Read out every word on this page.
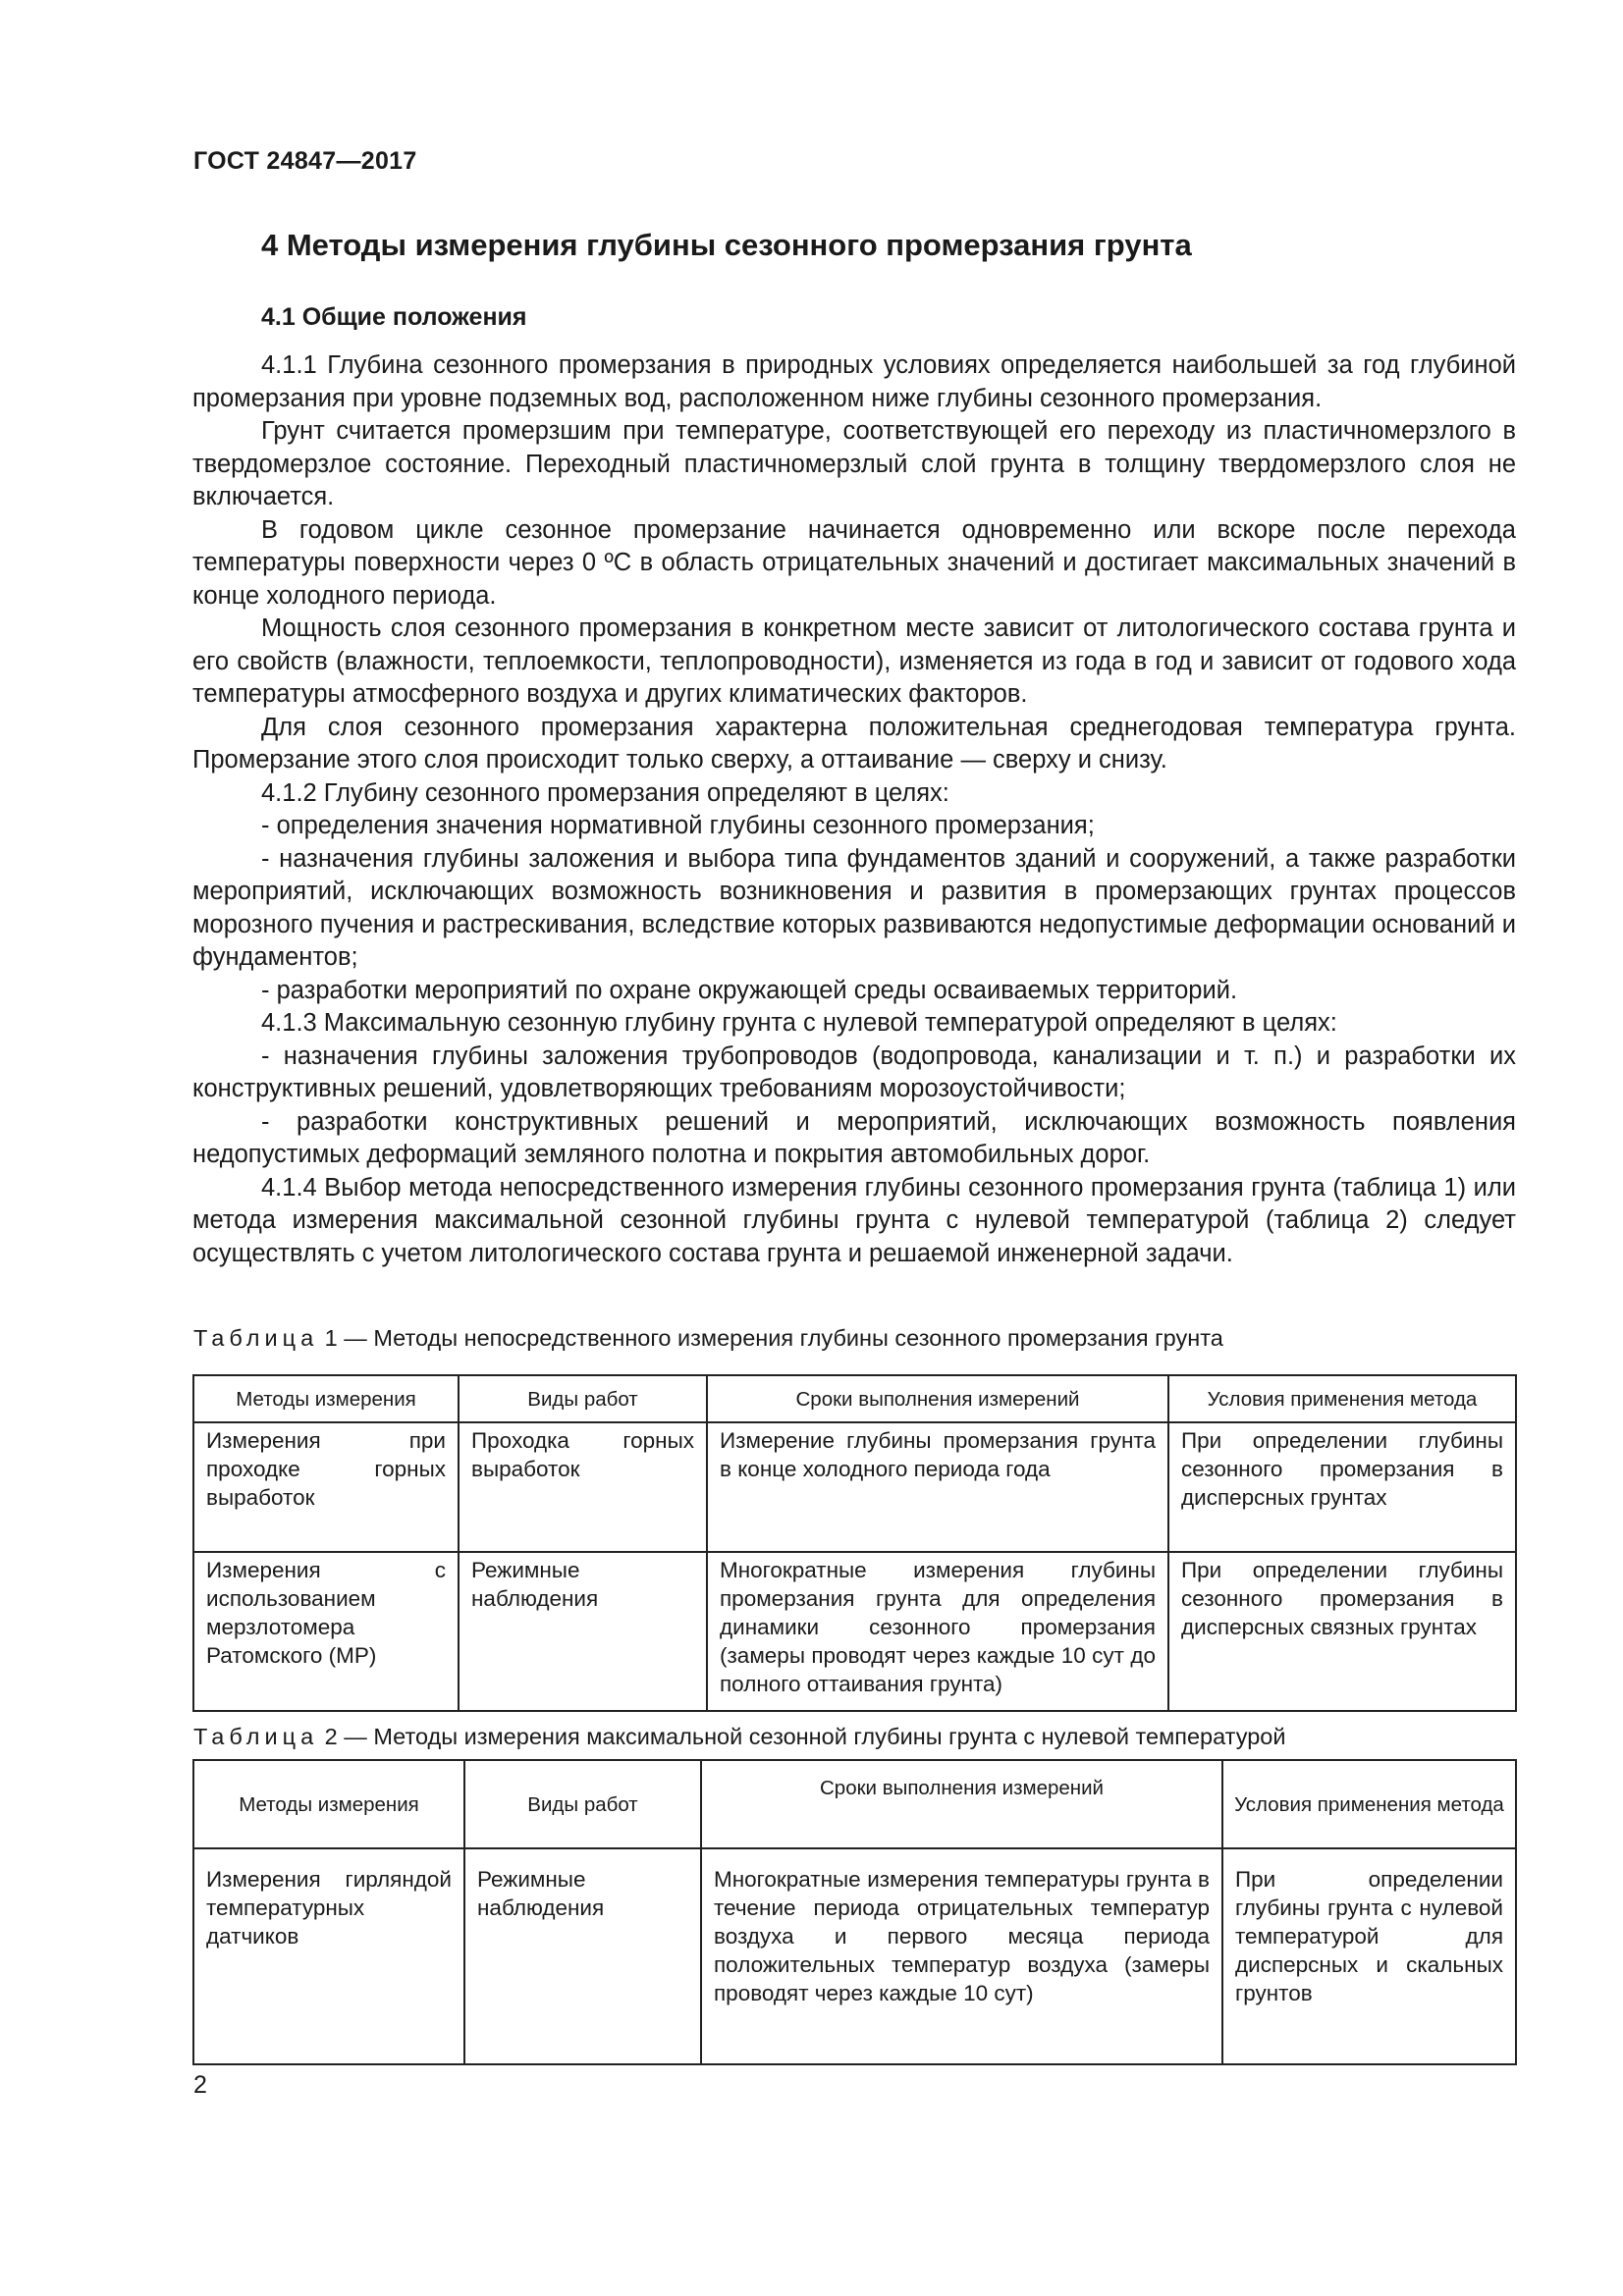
ГОСТ 24847—2017
4 Методы измерения глубины сезонного промерзания грунта
4.1 Общие положения

4.1.1 Глубина сезонного промерзания в природных условиях определяется наибольшей за год глубиной промерзания при уровне подземных вод, расположенном ниже глубины сезонного промерзания.

Грунт считается промерзшим при температуре, соответствующей его переходу из пластичномерзлого в твердомерзлое состояние. Переходный пластичномерзлый слой грунта в толщину твердомерзлого слоя не включается.

В годовом цикле сезонное промерзание начинается одновременно или вскоре после перехода температуры поверхности через 0 ºС в область отрицательных значений и достигает максимальных значений в конце холодного периода.

Мощность слоя сезонного промерзания в конкретном месте зависит от литологического состава грунта и его свойств (влажности, теплоемкости, теплопроводности), изменяется из года в год и зависит от годового хода температуры атмосферного воздуха и других климатических факторов.

Для слоя сезонного промерзания характерна положительная среднегодовая температура грунта. Промерзание этого слоя происходит только сверху, а оттаивание — сверху и снизу.

4.1.2 Глубину сезонного промерзания определяют в целях:

- определения значения нормативной глубины сезонного промерзания;

- назначения глубины заложения и выбора типа фундаментов зданий и сооружений, а также разработки мероприятий, исключающих возможность возникновения и развития в промерзающих грунтах процессов морозного пучения и растрескивания, вследствие которых развиваются недопустимые деформации оснований и фундаментов;

- разработки мероприятий по охране окружающей среды осваиваемых территорий.

4.1.3 Максимальную сезонную глубину грунта с нулевой температурой определяют в целях:

- назначения глубины заложения трубопроводов (водопровода, канализации и т. п.) и разработки их конструктивных решений, удовлетворяющих требованиям морозоустойчивости;

- разработки конструктивных решений и мероприятий, исключающих возможность появления недопустимых деформаций земляного полотна и покрытия автомобильных дорог.

4.1.4 Выбор метода непосредственного измерения глубины сезонного промерзания грунта (таблица 1) или метода измерения максимальной сезонной глубины грунта с нулевой температурой (таблица 2) следует осуществлять с учетом литологического состава грунта и решаемой инженерной задачи.

Таблица 1 — Методы непосредственного измерения глубины сезонного промерзания грунта
Методы измерения	Виды работ	Сроки выполнения измерений	Условия применения метода
Измерения при проходке горных выработок	Проходка горных выработок	Измерение глубины промерзания грунта в конце холодного периода года	При определении глубины сезонного промерзания в дисперсных грунтах
Измерения с использованием мерзлотомера Ратомского (МР)	Режимные наблюдения	Многократные измерения глубины промерзания грунта для определения динамики сезонного промерзания (замеры проводят через каждые 10 сут до полного оттаивания грунта)	При определении глубины сезонного промерзания в дисперсных связных грунтах
Таблица 2 — Методы измерения максимальной сезонной глубины грунта с нулевой температурой
Методы измерения	Виды работ	Сроки выполнения измерений	Условия применения метода
Измерения гирляндой температурных датчиков	Режимные наблюдения	Многократные измерения температуры грунта в течение периода отрицательных температур воздуха и первого месяца периода положительных температур воздуха (замеры проводят через каждые 10 сут)	При определении глубины грунта с нулевой температурой для дисперсных и скальных грунтов
2
